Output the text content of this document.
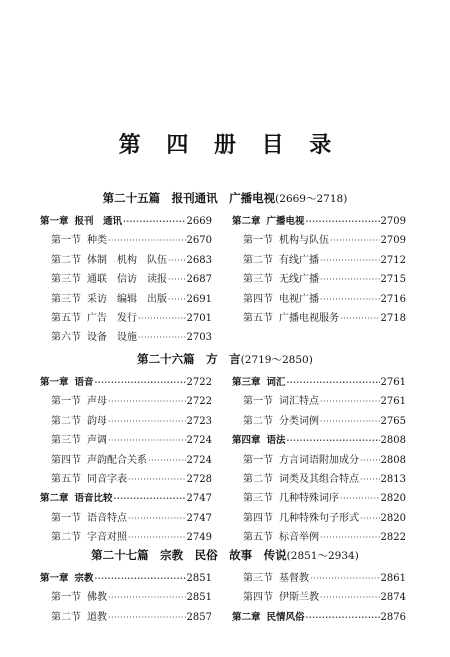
第 四 册 目 录
第二十五篇　报刊通讯　广播电视(2669～2718)
第一章 报刊　通讯 ·····	2669
第一节 种类 ·····	2670
第二节 体制　机构　队伍 ····· 2683
第三节 通联　信访　读报 ····· 2687
第三节 采访　编辑　出版 ····· 2691
第五节 广告　发行 ·····	2701
第六节 设备　设施 ·····	2703
第二章 广播电视 ·····	2709
第一节 机构与队伍 ·····	2709
第二节 有线广播 ·····	2712
第三节 无线广播 ·····	2715
第四节 电视广播 ·····	2716
第五节 广播电视服务 ·····	2718
第二十六篇　方　言(2719～2850)
第一章 语音 ·····	2722
第一节 声母 ·····	2722
第二节 韵母 ·····	2723
第三节 声调 ·····	2724
第四节 声韵配合关系 ·····	2724
第五节 同音字表 ·····	2728
第二章 语音比较 ·····	2747
第一节 语音特点 ·····	2747
第二节 字音对照 ·····	2749
第三章 词汇 ·····	2761
第一节 词汇特点 ·····	2761
第二节 分类词例 ·····	2765
第四章 语法 ·····	2808
第一节 方言词语附加成分 ····· 2808
第二节 词类及其组合特点 ····· 2813
第三节 几种特殊词序 ·····	2820
第四节 几种特殊句子形式 ····· 2820
第五节 标音举例 ·····	2822
第二十七篇　宗教　民俗　故事　传说(2851～2934)
第一章 宗教 ·····	2851
第一节 佛教 ·····	2851
第二节 道教 ·····	2857
第三节 基督教 ·····	2861
第四节 伊斯兰教 ·····	2874
第二章 民情风俗 ·····	2876
